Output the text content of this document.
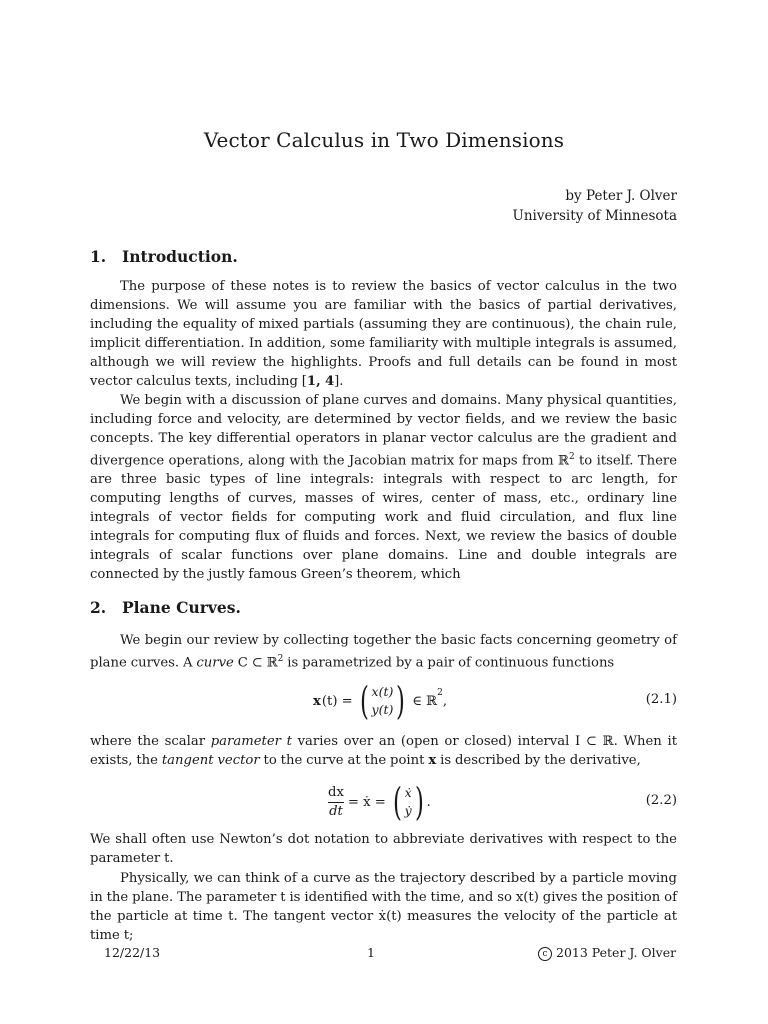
Vector Calculus in Two Dimensions
by Peter J. Olver
University of Minnesota
1. Introduction.
The purpose of these notes is to review the basics of vector calculus in the two dimensions. We will assume you are familiar with the basics of partial derivatives, including the equality of mixed partials (assuming they are continuous), the chain rule, implicit differentiation. In addition, some familiarity with multiple integrals is assumed, although we will review the highlights. Proofs and full details can be found in most vector calculus texts, including [1, 4].
We begin with a discussion of plane curves and domains. Many physical quantities, including force and velocity, are determined by vector fields, and we review the basic concepts. The key differential operators in planar vector calculus are the gradient and divergence operations, along with the Jacobian matrix for maps from ℝ$^2$ to itself. There are three basic types of line integrals: integrals with respect to arc length, for computing lengths of curves, masses of wires, center of mass, etc., ordinary line integrals of vector fields for computing work and fluid circulation, and flux line integrals for computing flux of fluids and forces. Next, we review the basics of double integrals of scalar functions over plane domains. Line and double integrals are connected by the justly famous Green’s theorem, which
2. Plane Curves.
We begin our review by collecting together the basic facts concerning geometry of plane curves. A curve C ⊂ ℝ$^2$ is parametrized by a pair of continuous functions
x (t) = ( x(t)
y(t) ) ∈ ℝ
$^2$
,	(2.1)
where the scalar parameter t varies over an (open or closed) interval I ⊂ ℝ. When it exists, the tangent vector to the curve at the point x is described by the derivative,
$\frac{dx}{dt}$ = ẋ = ( ẋ
ẏ ) .	(2.2)
We shall often use Newton’s dot notation to abbreviate derivatives with respect to the parameter t.
Physically, we can think of a curve as the trajectory described by a particle moving in the plane. The parameter t is identified with the time, and so x(t) gives the position of the particle at time t. The tangent vector ẋ(t) measures the velocity of the particle at time t;
12/22/13	1	c 2013 Peter J. Olver
